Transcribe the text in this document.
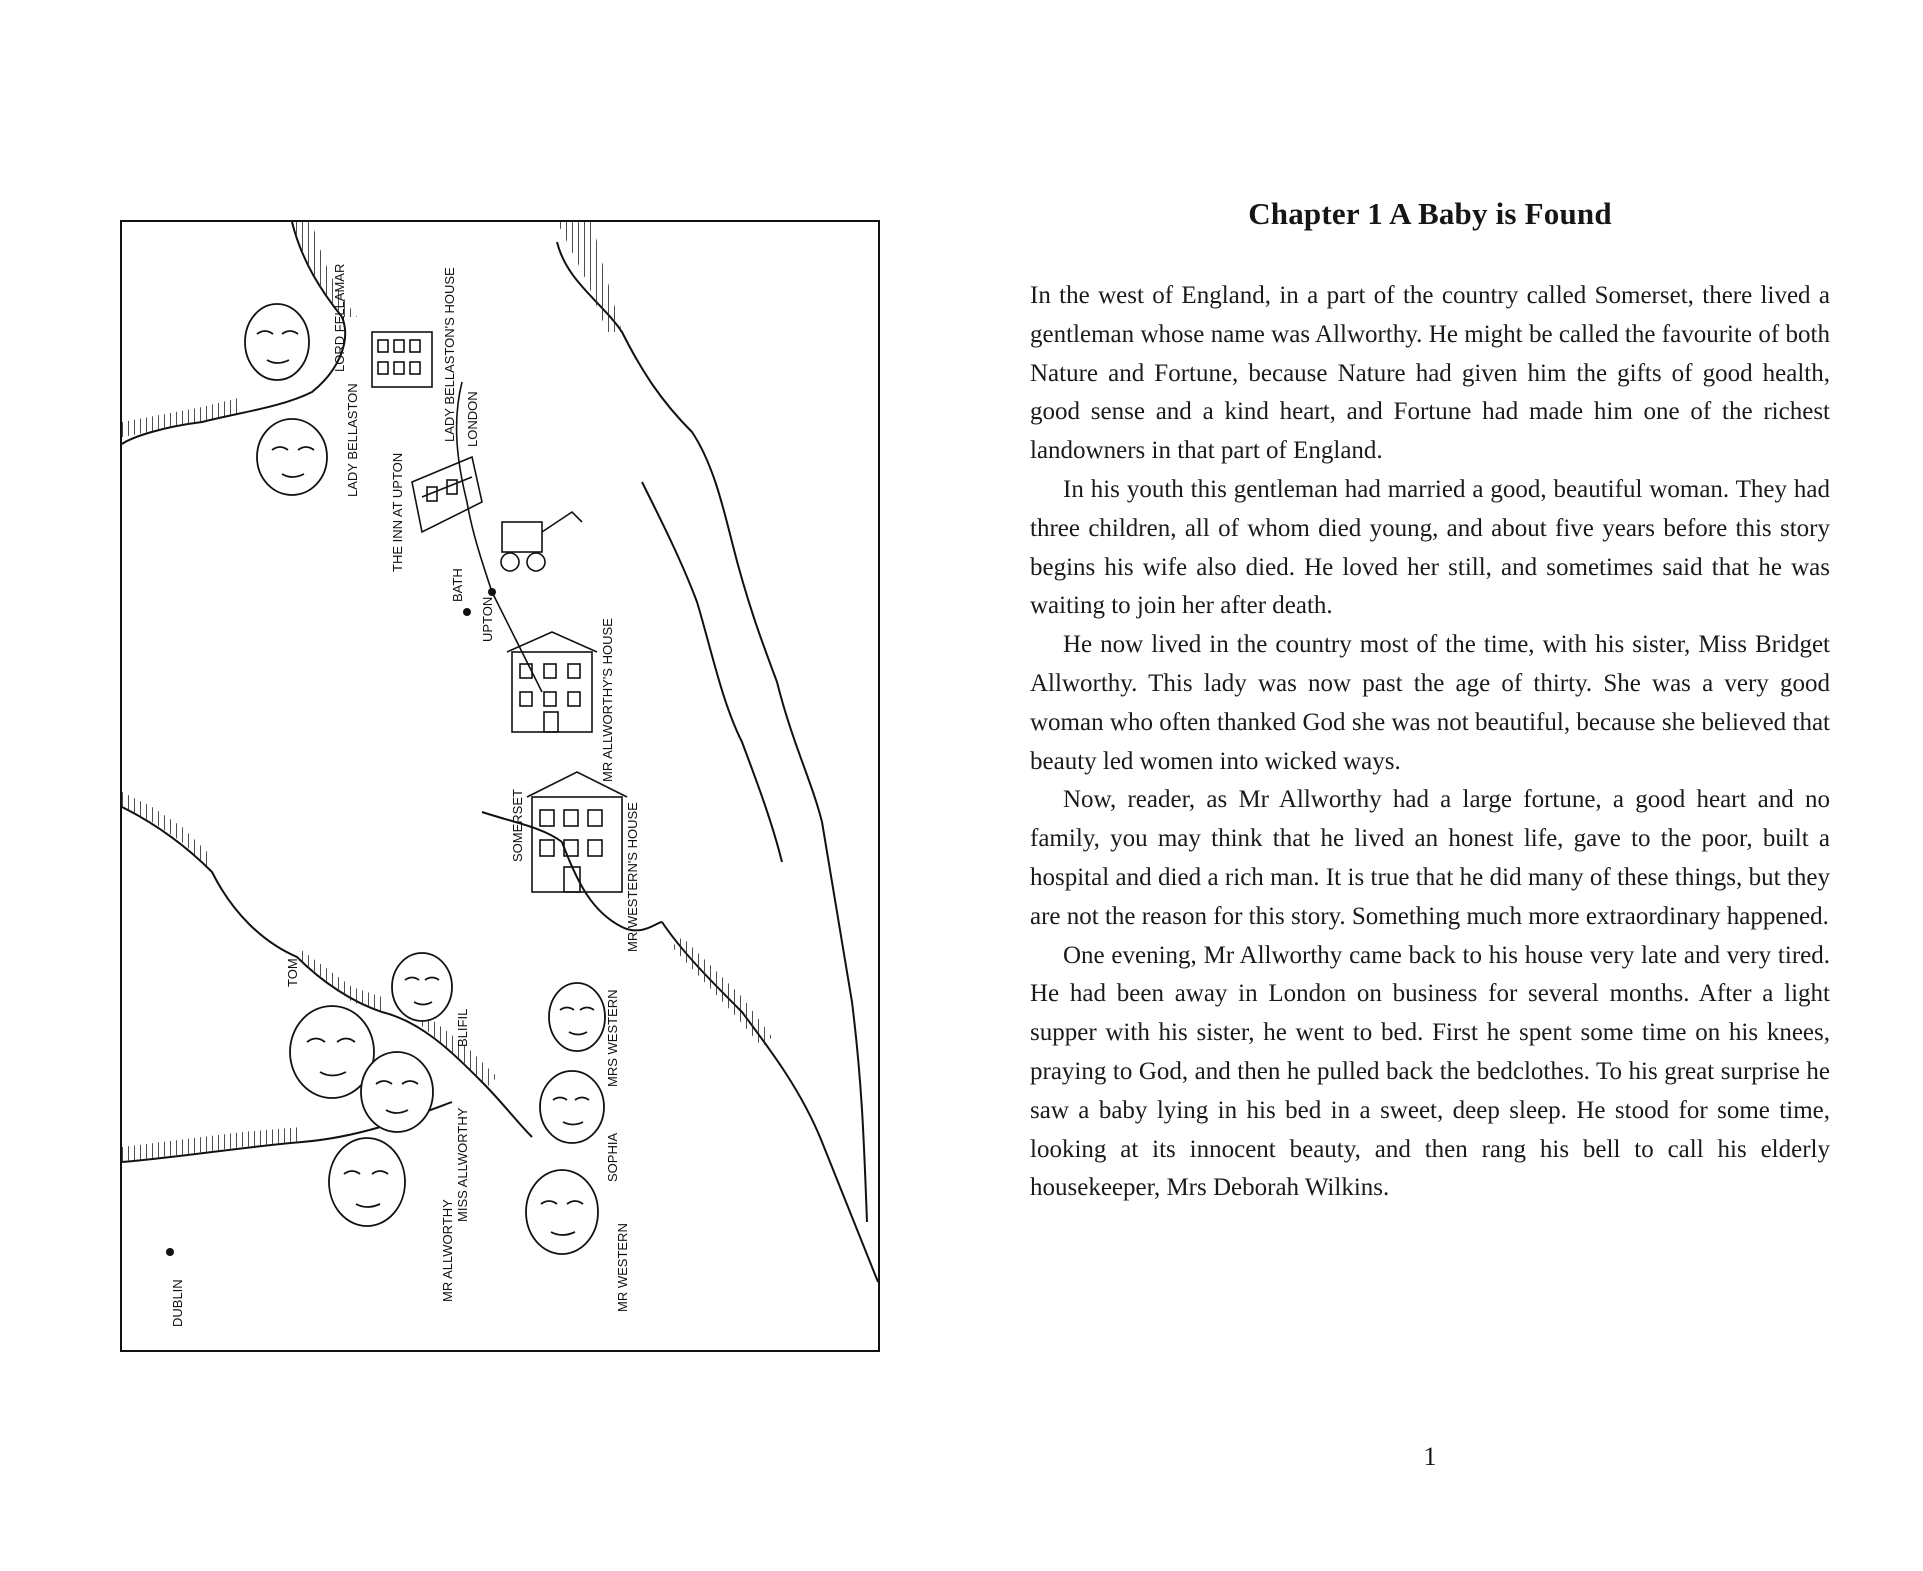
LORD FELLAMAR
LADY BELLASTON	LADY BELLASTON'S HOUSE LONDON
THE INN AT UPTON
UPTON
BATH
MR ALLWORTHY'S HOUSE
SOMERSET	MR WESTERN'S HOUSE
TOM
BLIFIL
MISS ALLWORTHY
MR ALLWORTHY
DUBLIN
MRS WESTERN
SOPHIA
MR WESTERN
Chapter 1 A Baby is Found

In the west of England, in a part of the country called Somerset, there lived a gentleman whose name was Allworthy. He might be called the favourite of both Nature and Fortune, because Nature had given him the gifts of good health, good sense and a kind heart, and Fortune had made him one of the richest landowners in that part of England.

In his youth this gentleman had married a good, beautiful woman. They had three children, all of whom died young, and about five years before this story begins his wife also died. He loved her still, and sometimes said that he was waiting to join her after death.

He now lived in the country most of the time, with his sister, Miss Bridget Allworthy. This lady was now past the age of thirty. She was a very good woman who often thanked God she was not beautiful, because she believed that beauty led women into wicked ways.

Now, reader, as Mr Allworthy had a large fortune, a good heart and no family, you may think that he lived an honest life, gave to the poor, built a hospital and died a rich man. It is true that he did many of these things, but they are not the reason for this story. Something much more extraordinary happened.

One evening, Mr Allworthy came back to his house very late and very tired. He had been away in London on business for several months. After a light supper with his sister, he went to bed. First he spent some time on his knees, praying to God, and then he pulled back the bedclothes. To his great surprise he saw a baby lying in his bed in a sweet, deep sleep. He stood for some time, looking at its innocent beauty, and then rang his bell to call his elderly housekeeper, Mrs Deborah Wilkins.

1
